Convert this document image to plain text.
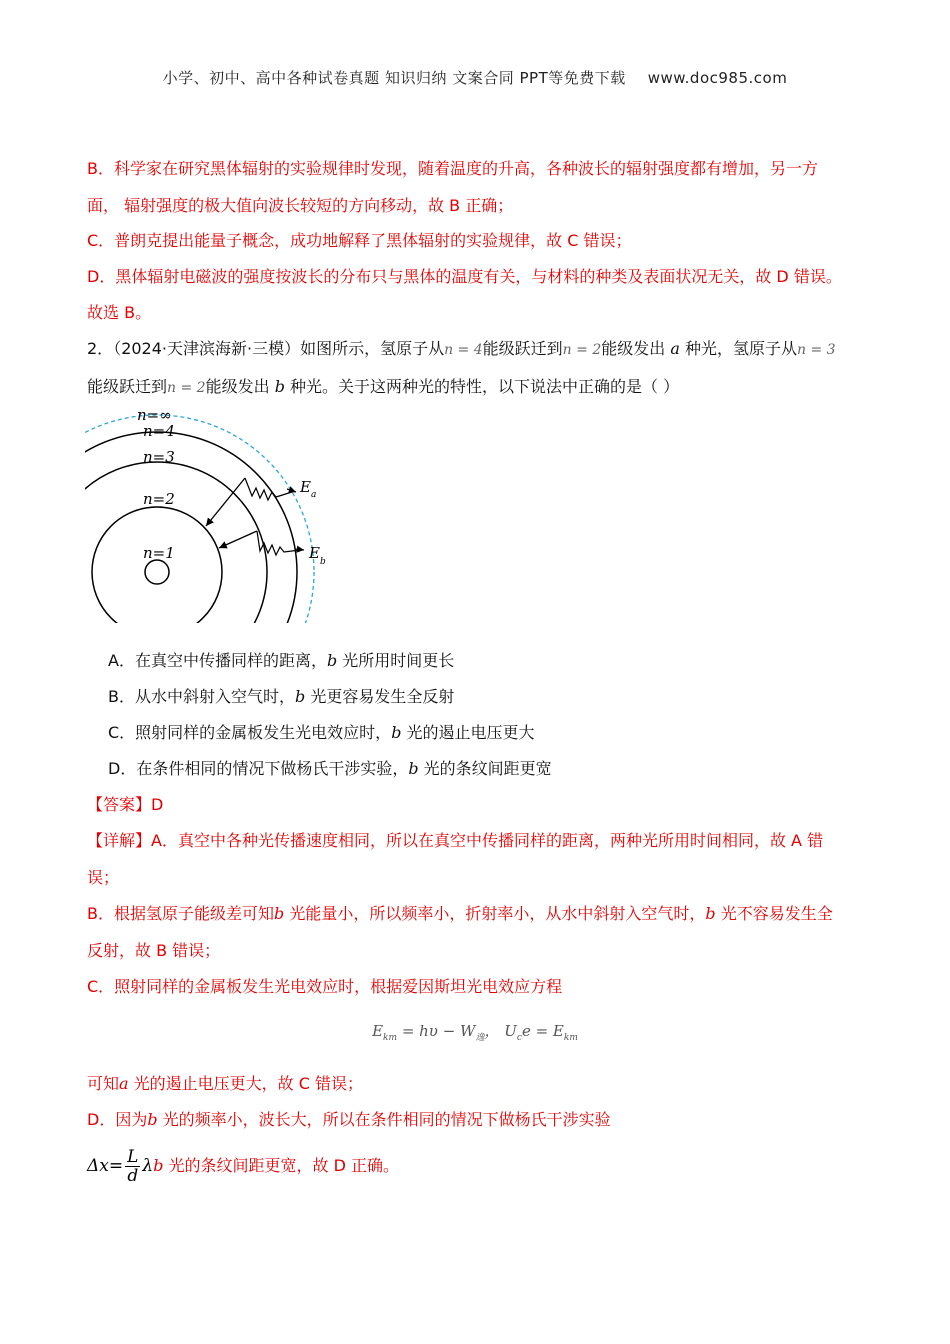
小学、初中、高中各种试卷真题 知识归纳 文案合同 PPT等免费下载 www.doc985.com
B．科学家在研究黑体辐射的实验规律时发现，随着温度的升高，各种波长的辐射强度都有增加，另一方
面， 辐射强度的极大值向波长较短的方向移动，故 B 正确；
C．普朗克提出能量子概念，成功地解释了黑体辐射的实验规律，故 C 错误；
D．黑体辐射电磁波的强度按波长的分布只与黑体的温度有关，与材料的种类及表面状况无关，故 D 错误。
故选 B。
2．（2024·天津滨海新·三模）如图所示，氢原子从n = 4能级跃迁到n = 2能级发出 a 种光，氢原子从n = 3
能级跃迁到n = 2能级发出 b 种光。关于这两种光的特性，以下说法中正确的是（ ）
n=∞
n=4
n=3
n=2
n=1
E a
E b
A．在真空中传播同样的距离，b 光所用时间更长
B．从水中斜射入空气时，b 光更容易发生全反射
C．照射同样的金属板发生光电效应时，b 光的遏止电压更大
D．在条件相同的情况下做杨氏干涉实验，b 光的条纹间距更宽
【答案】D
【详解】A．真空中各种光传播速度相同，所以在真空中传播同样的距离，两种光所用时间相同，故 A 错
误；
B．根据氢原子能级差可知b 光能量小，所以频率小，折射率小，从水中斜射入空气时，b 光不容易发生全
反射，故 B 错误；
C．照射同样的金属板发生光电效应时，根据爱因斯坦光电效应方程
$E_{km} = h\upsilon - W_逸$， $U_ce = E_{km}$
可知a 光的遏止电压更大，故 C 错误；
D．因为b 光的频率小，波长大，所以在条件相同的情况下做杨氏干涉实验
$\Delta x= \frac{L}{d}$ λb 光的条纹间距更宽，故 D 正确。
